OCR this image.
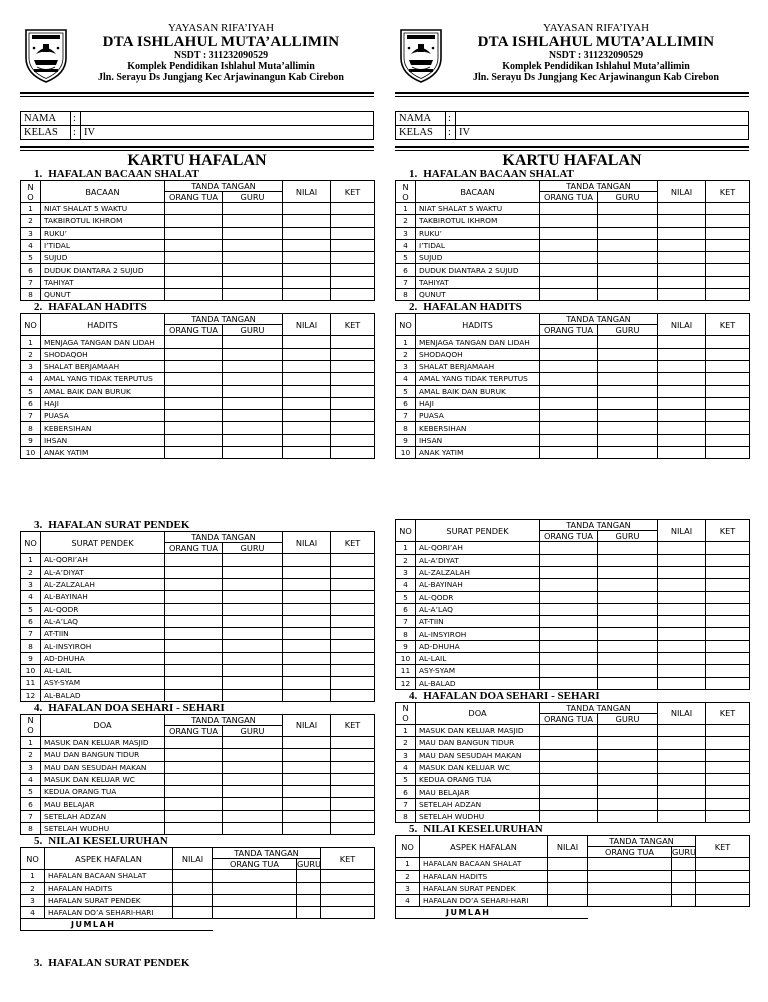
YAYASAN RIFA’IYAH
DTA ISHLAHUL MUTA’ALLIMIN
NSDT : 311232090529
Komplek Pendidikan Ishlahul Muta’allimin
Jln. Serayu Ds Jungjang Kec Arjawinangun Kab Cirebon
NAMA	:	
KELAS	:	IV
KARTU HAFALAN
1. HAFALAN BACAAN SHALAT
N
O	BACAAN	TANDA TANGAN		NILAI	KET
		ORANG TUA	GURU		
1	NIAT SHALAT 5 WAKTU				
2	TAKBIROTUL IKHROM				
3	RUKU’				
4	I’TIDAL				
5	SUJUD				
6	DUDUK DIANTARA 2 SUJUD				
7	TAHIYAT				
8	QUNUT				
2. HAFALAN HADITS
NO	HADITS	TANDA TANGAN		NILAI	KET
		ORANG TUA	GURU		
1	MENJAGA TANGAN DAN LIDAH				
2	SHODAQOH				
3	SHALAT BERJAMAAH				
4	AMAL YANG TIDAK TERPUTUS				
5	AMAL BAIK DAN BURUK				
6	HAJI				
7	PUASA				
8	KEBERSIHAN				
9	IHSAN				
10	ANAK YATIM				
3. HAFALAN SURAT PENDEK
NO	SURAT PENDEK	TANDA TANGAN		NILAI	KET
		ORANG TUA	GURU		
1	AL-QORI’AH				
2	AL-A’DIYAT				
3	AL-ZALZALAH				
4	AL-BAYINAH				
5	AL-QODR				
6	AL-A’LAQ				
7	AT-TIIN				
8	AL-INSYIROH				
9	AD-DHUHA				
10	AL-LAIL				
11	ASY-SYAM				
12	AL-BALAD				
4. HAFALAN DOA SEHARI - SEHARI
N
O	DOA	TANDA TANGAN		NILAI	KET
		ORANG TUA	GURU		
1	MASUK DAN KELUAR MASJID				
2	MAU DAN BANGUN TIDUR				
3	MAU DAN SESUDAH MAKAN				
4	MASUK DAN KELUAR WC				
5	KEDUA ORANG TUA				
6	MAU BELAJAR				
7	SETELAH ADZAN				
8	SETELAH WUDHU				
5. NILAI KESELURUHAN
NO	ASPEK HAFALAN	NILAI	TANDA TANGAN		KET
			ORANG TUA	GURU	
1	HAFALAN BACAAN SHALAT				
2	HAFALAN HADITS				
3	HAFALAN SURAT PENDEK				
4	HAFALAN DO’A SEHARI-HARI				
JUMLAH					
YAYASAN RIFA’IYAH
DTA ISHLAHUL MUTA’ALLIMIN
NSDT : 311232090529
Komplek Pendidikan Ishlahul Muta’allimin
Jln. Serayu Ds Jungjang Kec Arjawinangun Kab Cirebon
NAMA	:	
KELAS	:	IV
KARTU HAFALAN
1. HAFALAN BACAAN SHALAT
N
O	BACAAN	TANDA TANGAN		NILAI	KET
		ORANG TUA	GURU		
1	NIAT SHALAT 5 WAKTU				
2	TAKBIROTUL IKHROM				
3	RUKU’				
4	I’TIDAL				
5	SUJUD				
6	DUDUK DIANTARA 2 SUJUD				
7	TAHIYAT				
8	QUNUT				
2. HAFALAN HADITS
NO	HADITS	TANDA TANGAN		NILAI	KET
		ORANG TUA	GURU		
1	MENJAGA TANGAN DAN LIDAH				
2	SHODAQOH				
3	SHALAT BERJAMAAH				
4	AMAL YANG TIDAK TERPUTUS				
5	AMAL BAIK DAN BURUK				
6	HAJI				
7	PUASA				
8	KEBERSIHAN				
9	IHSAN				
10	ANAK YATIM				
NO	SURAT PENDEK	TANDA TANGAN		NILAI	KET
		ORANG TUA	GURU		
1	AL-QORI’AH				
2	AL-A’DIYAT				
3	AL-ZALZALAH				
4	AL-BAYINAH				
5	AL-QODR				
6	AL-A’LAQ				
7	AT-TIIN				
8	AL-INSYIROH				
9	AD-DHUHA				
10	AL-LAIL				
11	ASY-SYAM				
12	AL-BALAD				
4. HAFALAN DOA SEHARI - SEHARI
N
O	DOA	TANDA TANGAN		NILAI	KET
		ORANG TUA	GURU		
1	MASUK DAN KELUAR MASJID				
2	MAU DAN BANGUN TIDUR				
3	MAU DAN SESUDAH MAKAN				
4	MASUK DAN KELUAR WC				
5	KEDUA ORANG TUA				
6	MAU BELAJAR				
7	SETELAH ADZAN				
8	SETELAH WUDHU				
5. NILAI KESELURUHAN
NO	ASPEK HAFALAN	NILAI	TANDA TANGAN		KET
			ORANG TUA	GURU	
1	HAFALAN BACAAN SHALAT				
2	HAFALAN HADITS				
3	HAFALAN SURAT PENDEK				
4	HAFALAN DO’A SEHARI-HARI				
JUMLAH					
3. HAFALAN SURAT PENDEK
